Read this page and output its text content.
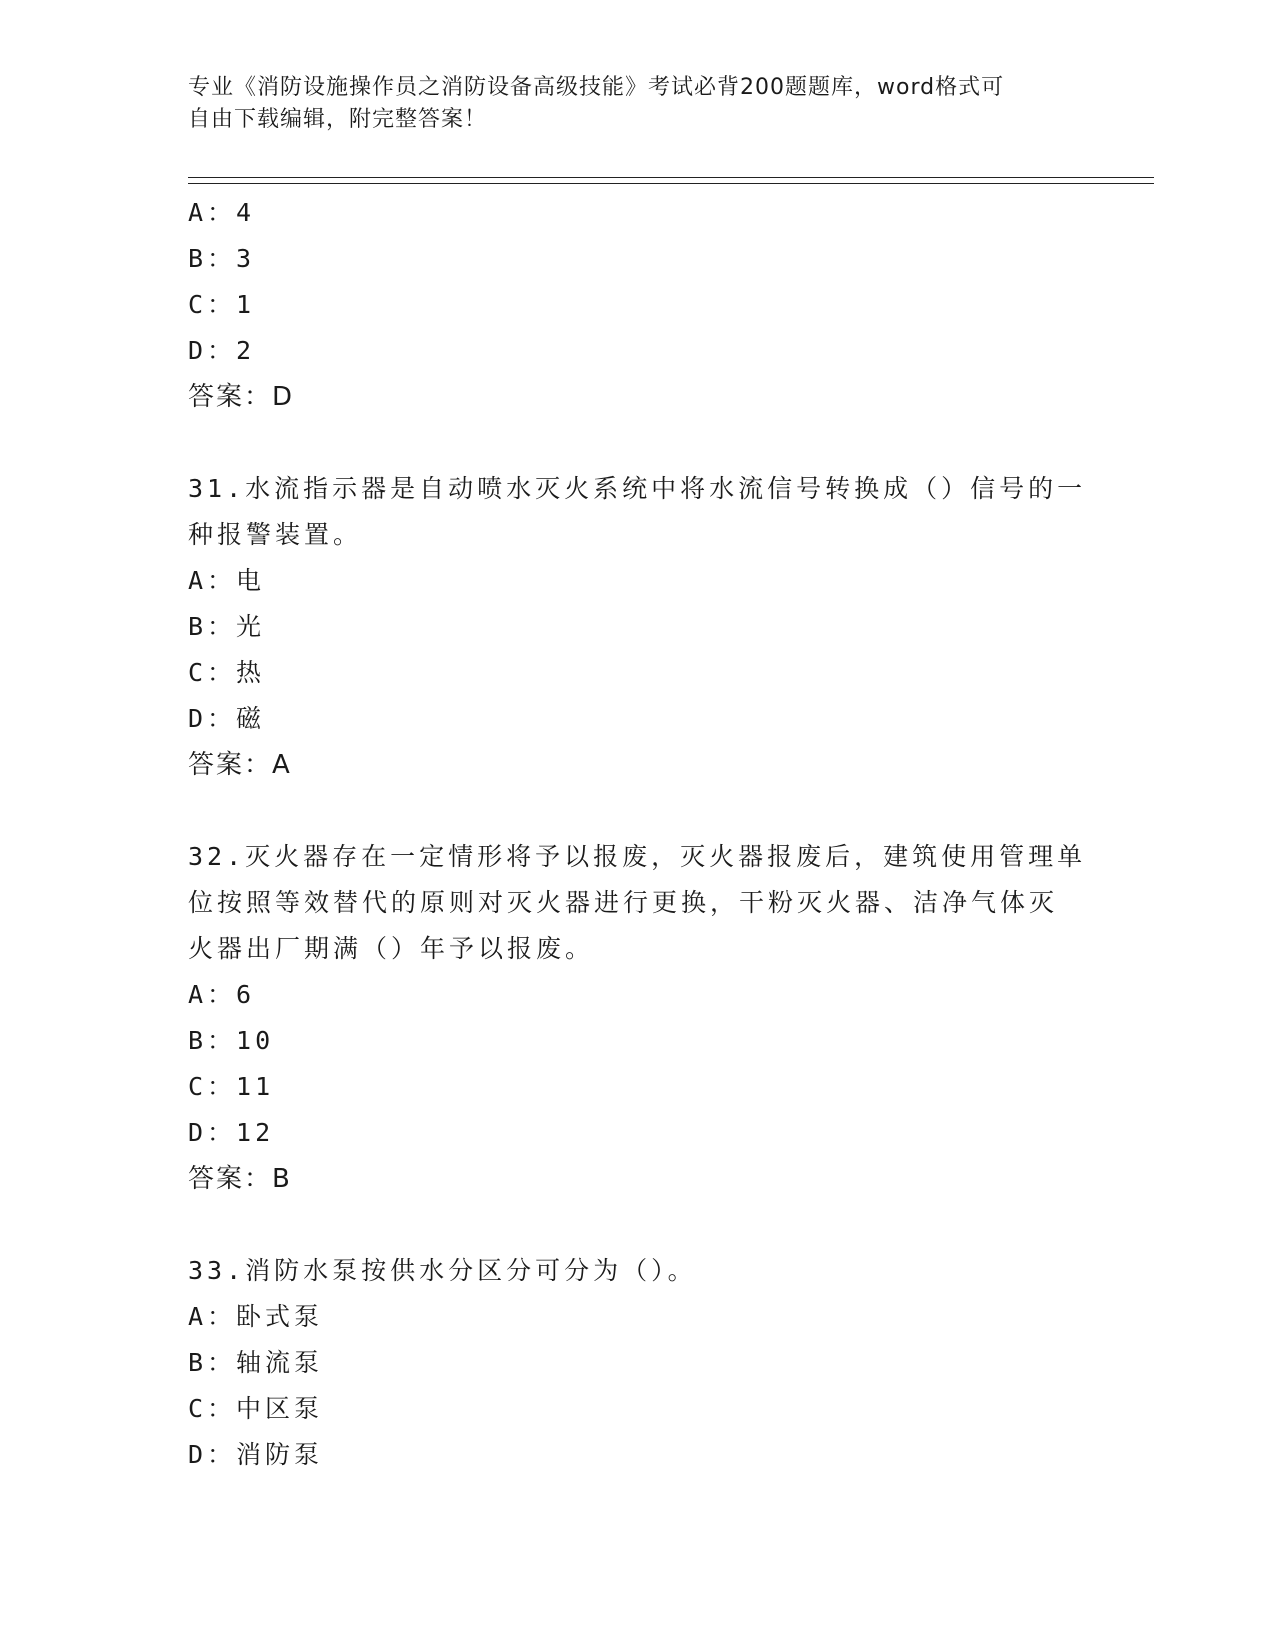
专业《消防设施操作员之消防设备高级技能》考试必背200题题库，word格式可
自由下载编辑，附完整答案！
A：4
B：3
C：1
D：2
答案：D
31.水流指示器是自动喷水灭火系统中将水流信号转换成（）信号的一
种报警装置。
A：电
B：光
C：热
D：磁
答案：A
32.灭火器存在一定情形将予以报废，灭火器报废后，建筑使用管理单
位按照等效替代的原则对灭火器进行更换，干粉灭火器、洁净气体灭
火器出厂期满（）年予以报废。
A：6
B：10
C：11
D：12
答案：B
33.消防水泵按供水分区分可分为（）。
A：卧式泵
B：轴流泵
C：中区泵
D：消防泵
